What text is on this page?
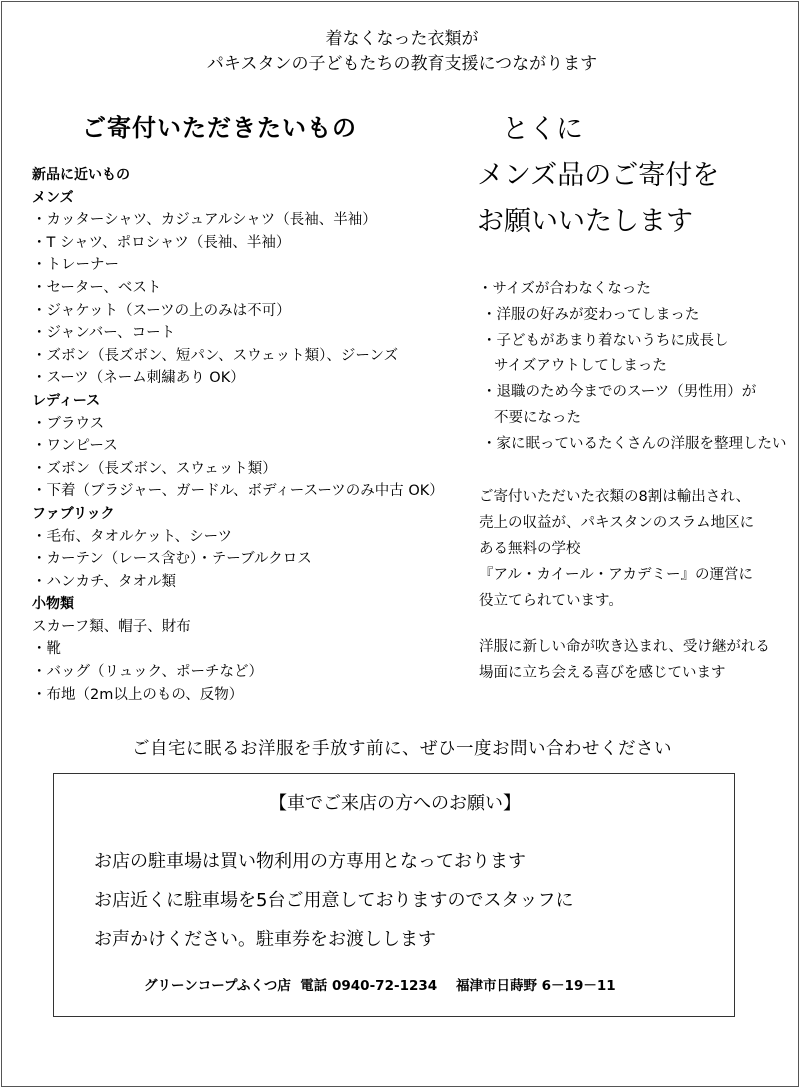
着なくなった衣類が
パキスタンの子どもたちの教育支援につながります
ご寄付いただきたいもの
新品に近いもの
メンズ
・カッターシャツ、カジュアルシャツ（長袖、半袖）
・T シャツ、ポロシャツ（長袖、半袖）
・トレーナー
・セーター、ベスト
・ジャケット（スーツの上のみは不可）
・ジャンバー、コート
・ズボン（長ズボン、短パン、スウェット類）、ジーンズ
・スーツ（ネーム刺繍あり OK）
レディース
・ブラウス
・ワンピース
・ズボン（長ズボン、スウェット類）
・下着（ブラジャー、ガードル、ボディースーツのみ中古 OK）
ファブリック
・毛布、タオルケット、シーツ
・カーテン（レース含む）・テーブルクロス
・ハンカチ、タオル類
小物類
スカーフ類、帽子、財布
・靴
・バッグ（リュック、ポーチなど）
・布地（2m以上のもの、反物）
とくに
メンズ品のご寄付を
お願いいたします
・サイズが合わなくなった
・洋服の好みが変わってしまった
・子どもがあまり着ないうちに成長し
サイズアウトしてしまった
・退職のため今までのスーツ（男性用）が
不要になった
・家に眠っているたくさんの洋服を整理したい
ご寄付いただいた衣類の8割は輸出され、
売上の収益が、パキスタンのスラム地区に
ある無料の学校
『アル・カイール・アカデミー』の運営に
役立てられています。
洋服に新しい命が吹き込まれ、受け継がれる
場面に立ち会える喜びを感じています
ご自宅に眠るお洋服を手放す前に、ぜひ一度お問い合わせください
【車でご来店の方へのお願い】
お店の駐車場は買い物利用の方専用となっております
お店近くに駐車場を5台ご用意しておりますのでスタッフに
お声かけください。駐車券をお渡しします
グリーンコープふくつ店 電話 0940-72-1234 福津市日蒔野 6－19－11
